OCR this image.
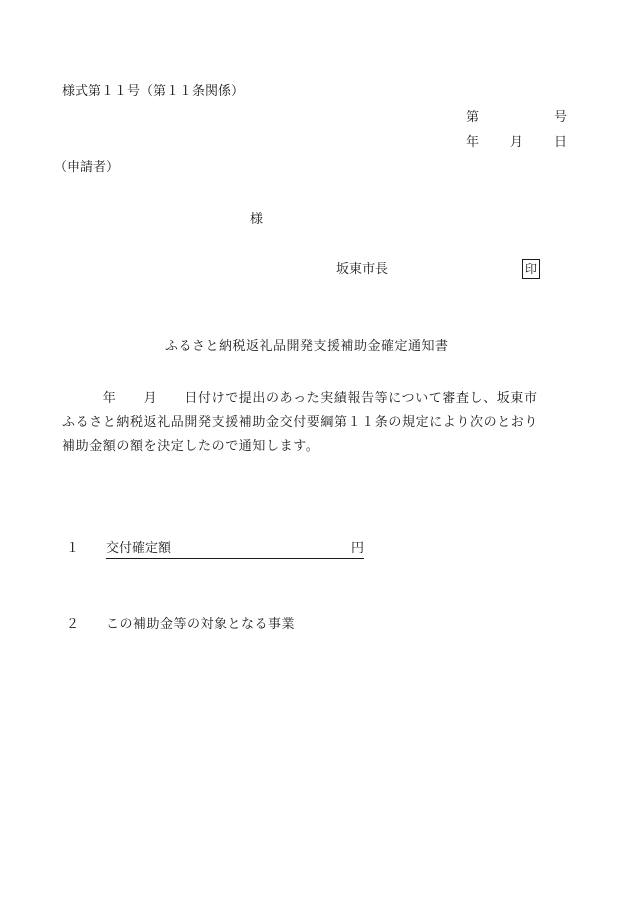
様式第１１号（第１１条関係）
第	号
年 月 日
（申請者）
様
坂東市長	印
ふるさと納税返礼品開発支援補助金確定通知書
　　　年　　月　　日付けで提出のあった実績報告等について審査し、坂東市
ふるさと納税返礼品開発支援補助金交付要綱第１１条の規定により次のとおり
補助金額の額を決定したので通知します。
１ 交付確定額	円

２ この補助金等の対象となる事業
